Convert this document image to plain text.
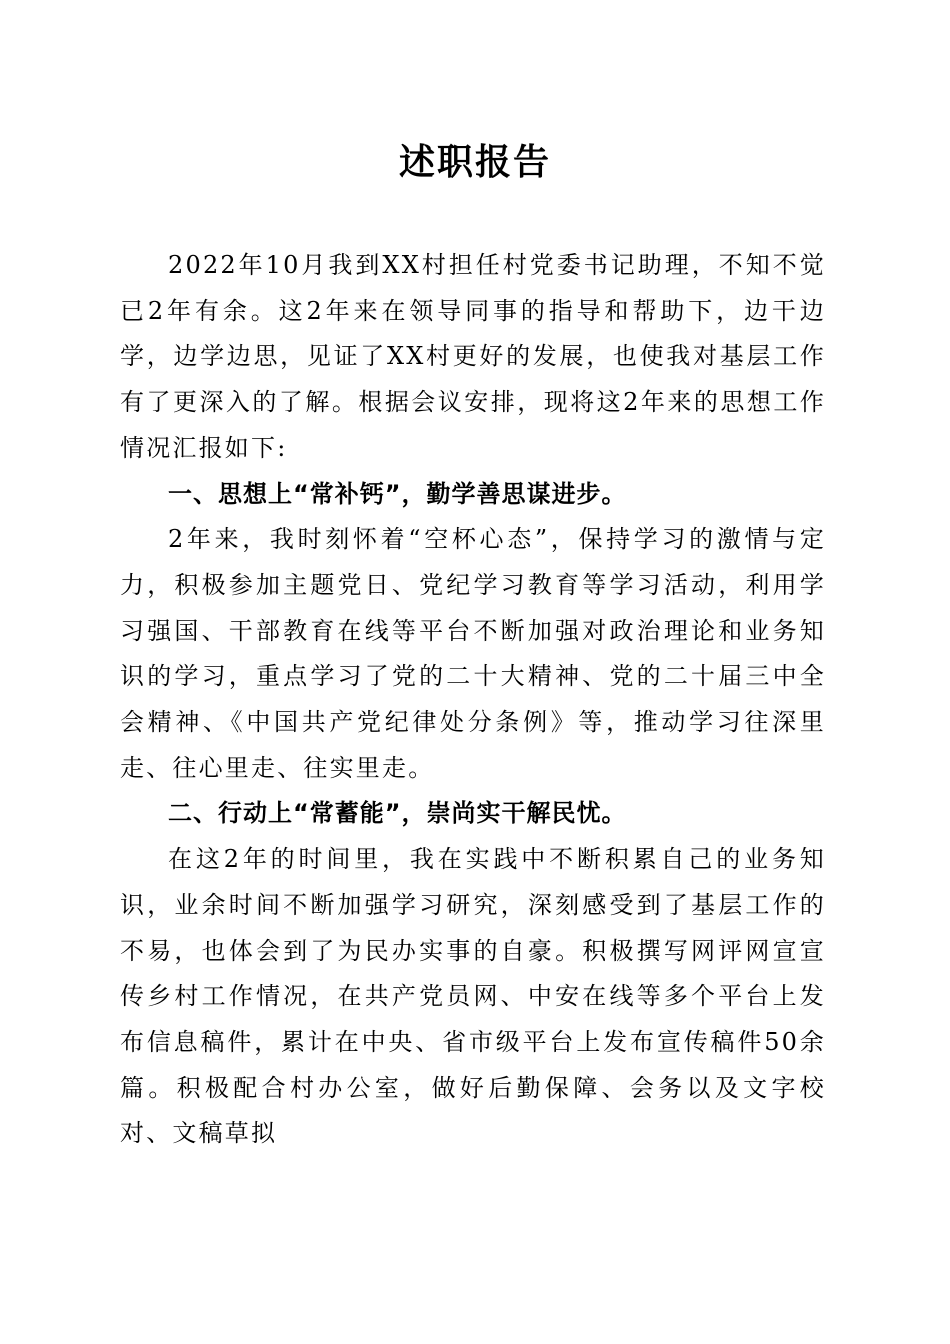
述职报告

2022年10月我到XX村担任村党委书记助理，不知不觉已2年有余。这2年来在领导同事的指导和帮助下，边干边学，边学边思，见证了XX村更好的发展，也使我对基层工作有了更深入的了解。根据会议安排，现将这2年来的思想工作情况汇报如下:

一、思想上“常补钙”，勤学善思谋进步。

2年来，我时刻怀着“空杯心态”，保持学习的激情与定力，积极参加主题党日、党纪学习教育等学习活动，利用学习强国、干部教育在线等平台不断加强对政治理论和业务知识的学习，重点学习了党的二十大精神、党的二十届三中全会精神、《中国共产党纪律处分条例》等，推动学习往深里走、往心里走、往实里走。

二、行动上“常蓄能”，崇尚实干解民忧。

在这2年的时间里，我在实践中不断积累自己的业务知识，业余时间不断加强学习研究，深刻感受到了基层工作的不易，也体会到了为民办实事的自豪。积极撰写网评网宣宣传乡村工作情况，在共产党员网、中安在线等多个平台上发布信息稿件，累计在中央、省市级平台上发布宣传稿件50余篇。积极配合村办公室，做好后勤保障、会务以及文字校对、文稿草拟
